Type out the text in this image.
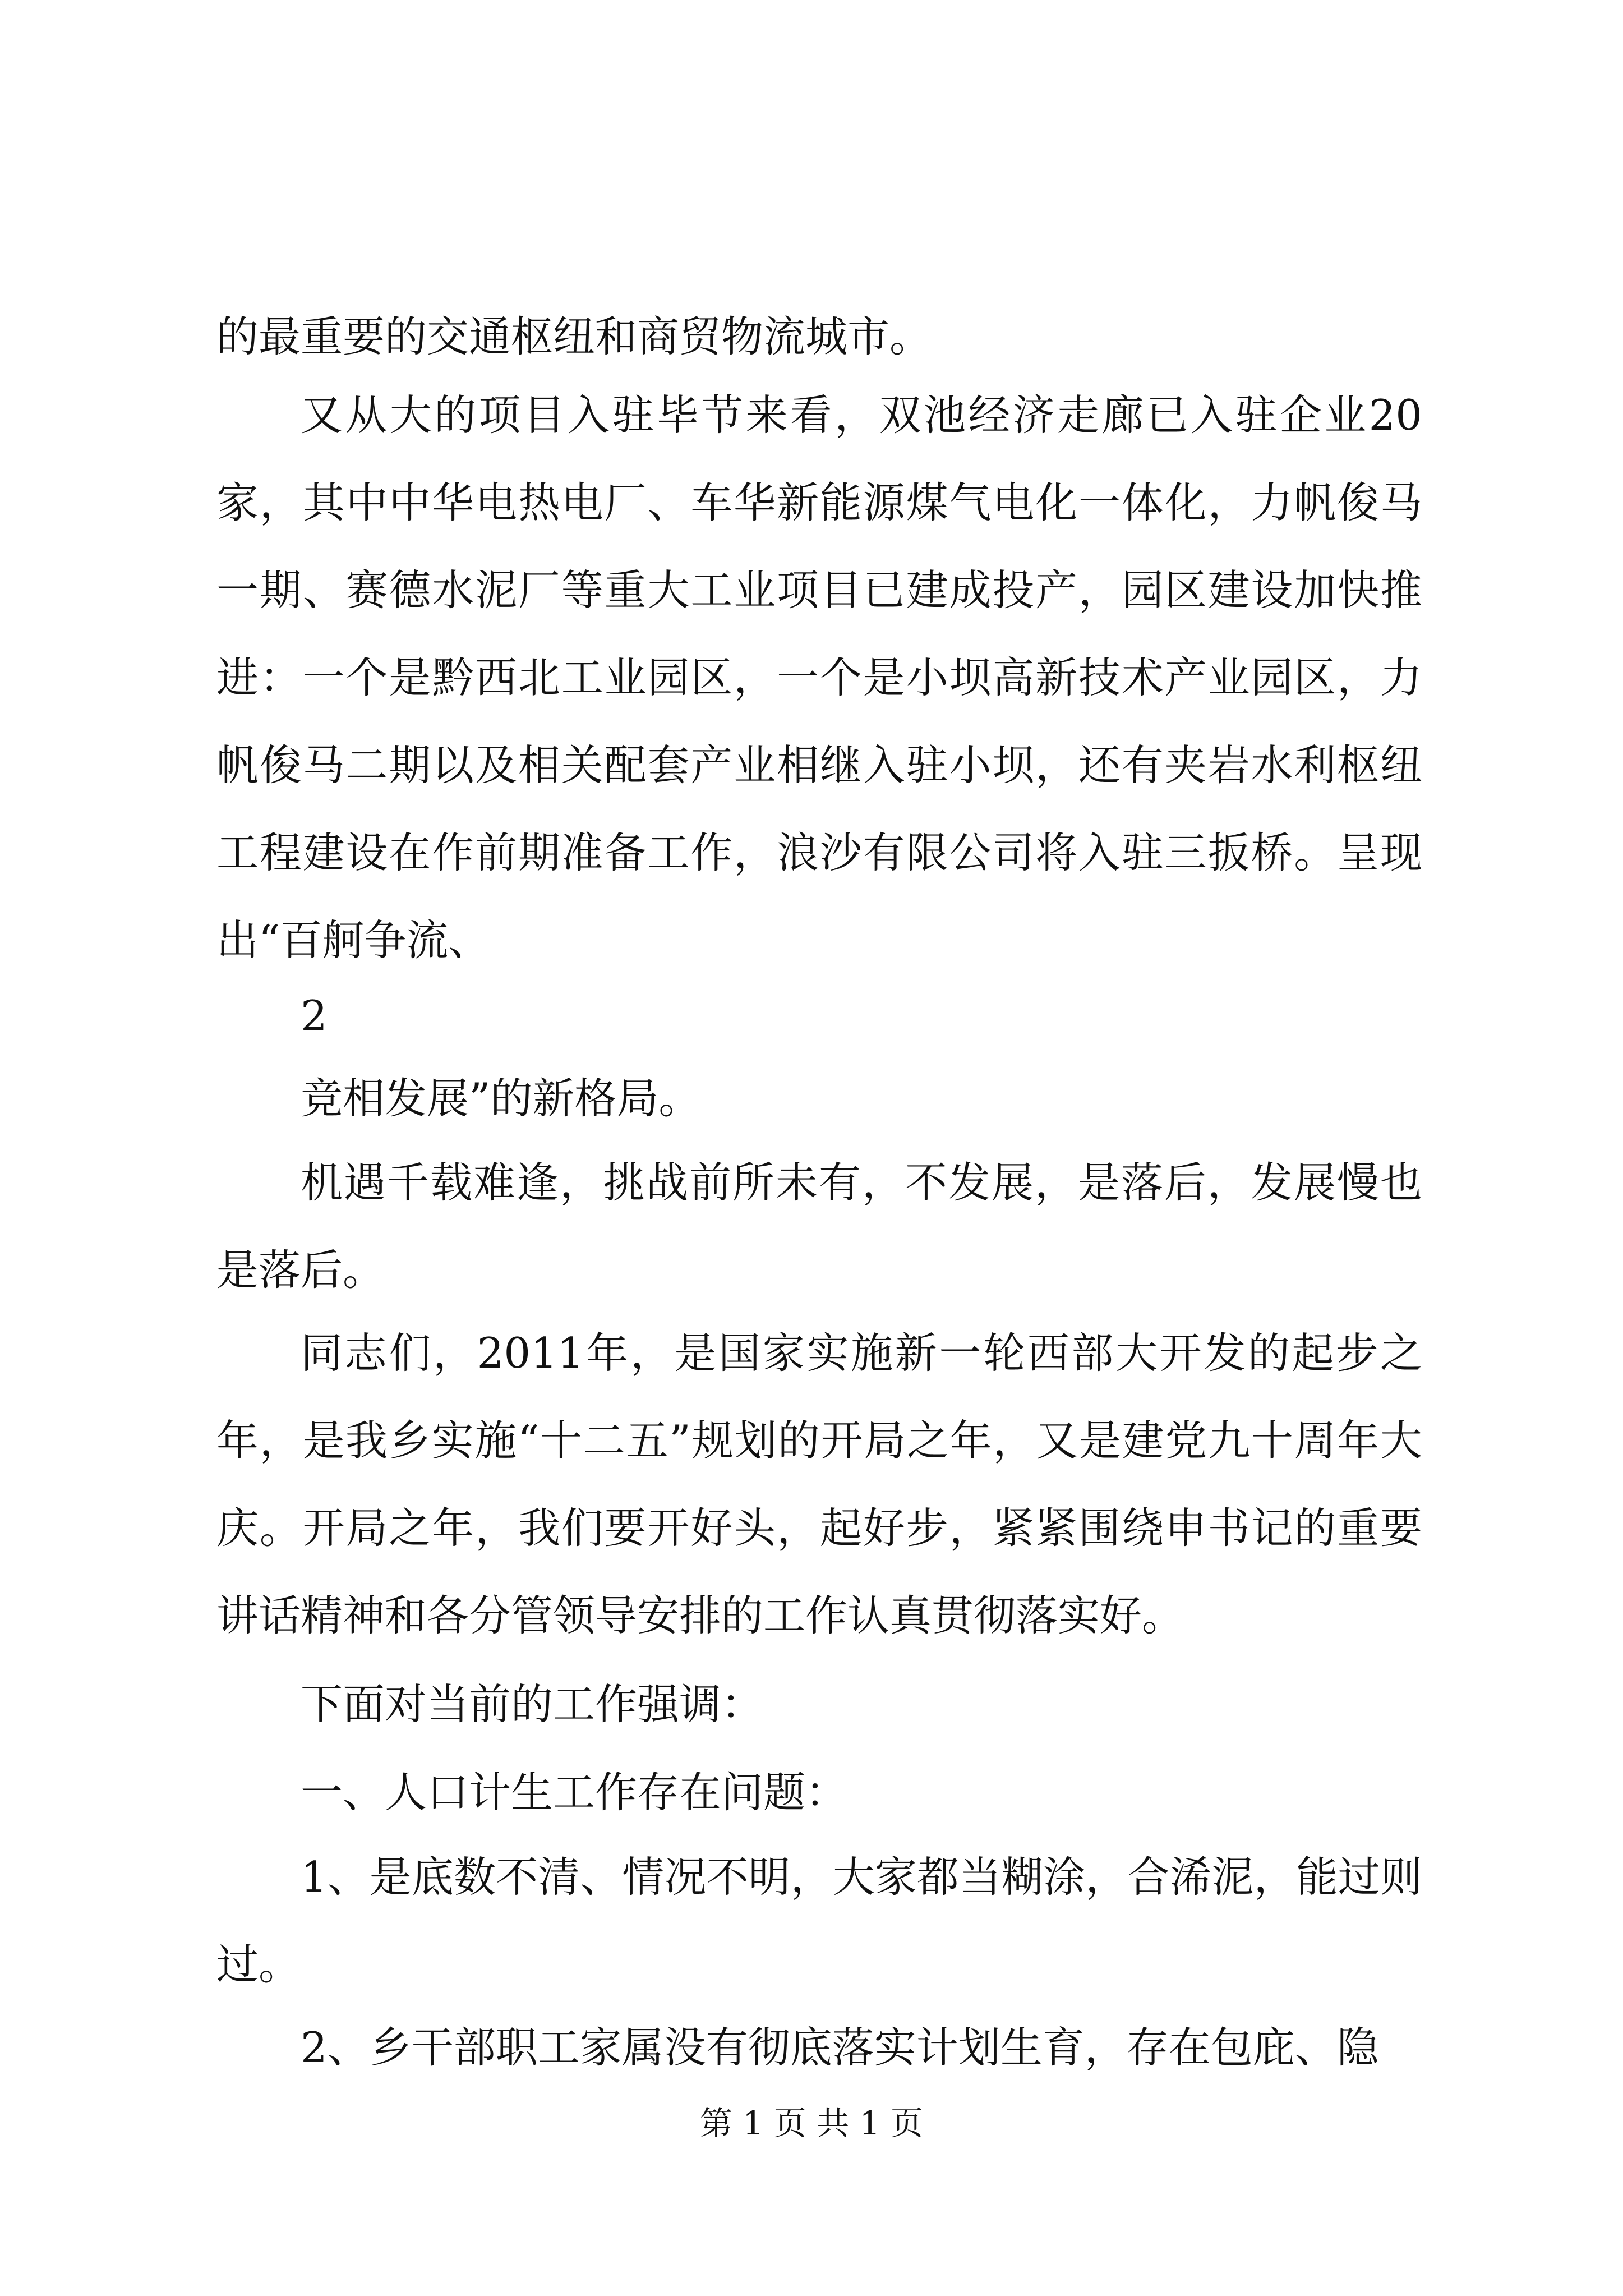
的最重要的交通枢纽和商贸物流城市。

又从大的项目入驻毕节来看，双池经济走廊已入驻企业20家，其中中华电热电厂、车华新能源煤气电化一体化，力帆俊马一期、赛德水泥厂等重大工业项目已建成投产，园区建设加快推进：一个是黔西北工业园区，一个是小坝高新技术产业园区，力帆俊马二期以及相关配套产业相继入驻小坝，还有夹岩水利枢纽工程建设在作前期准备工作，浪沙有限公司将入驻三扳桥。呈现出“百舸争流、

2

竞相发展”的新格局。

机遇千载难逢，挑战前所未有，不发展，是落后，发展慢也是落后。

同志们，2011年，是国家实施新一轮西部大开发的起步之年，是我乡实施“十二五”规划的开局之年，又是建党九十周年大庆。开局之年，我们要开好头，起好步，紧紧围绕申书记的重要讲话精神和各分管领导安排的工作认真贯彻落实好。

下面对当前的工作强调：

一、人口计生工作存在问题：

1、是底数不清、情况不明，大家都当糊涂，合浠泥，能过则过。

2、乡干部职工家属没有彻底落实计划生育，存在包庇、隐

第 1 页 共 1 页
